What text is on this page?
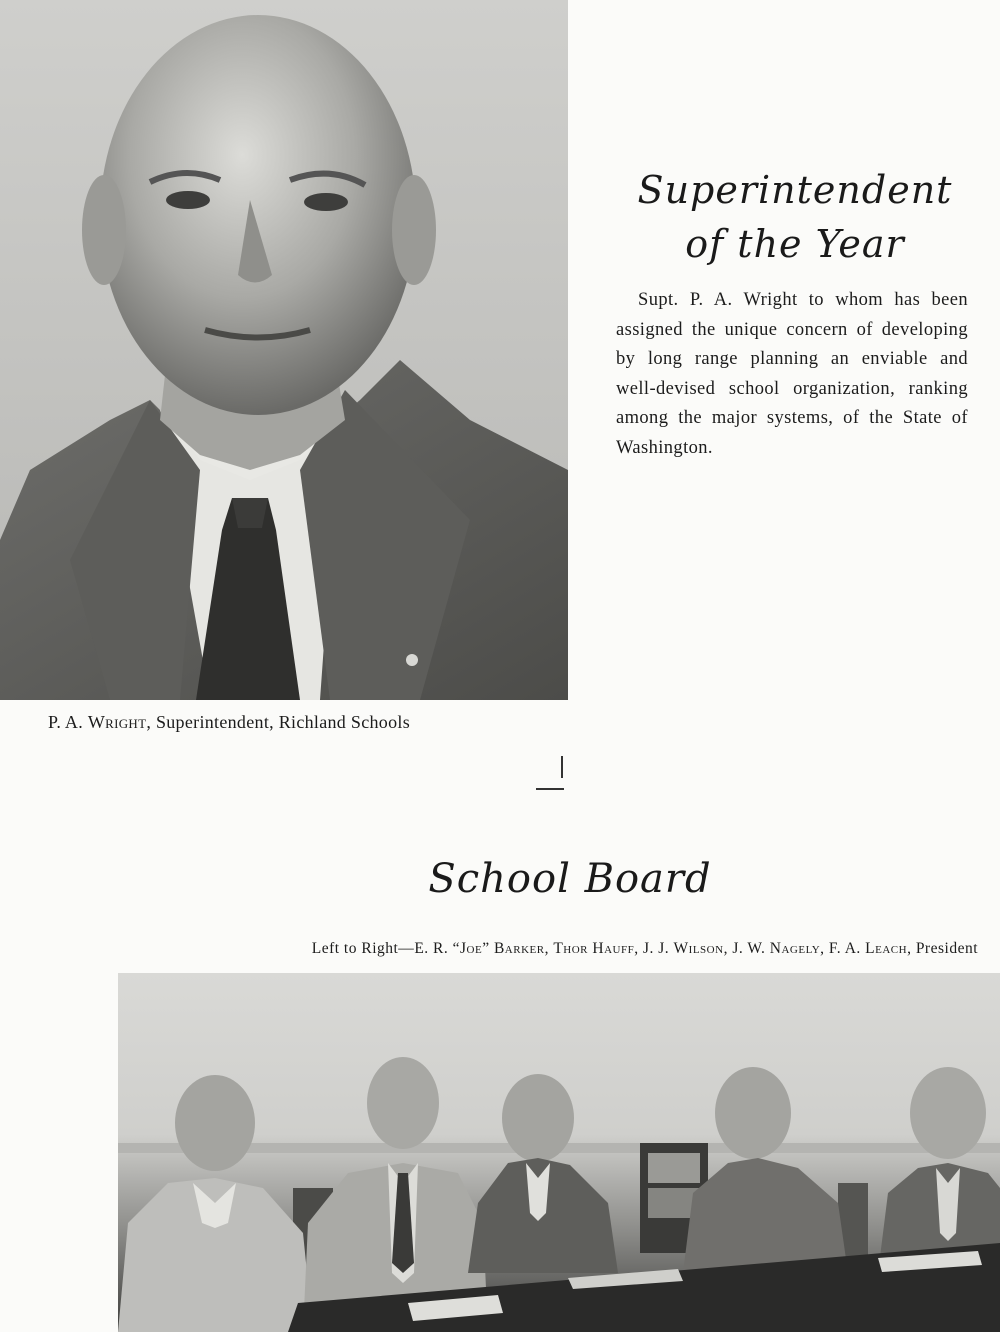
Superintendent
of the Year

Supt. P. A. Wright to whom has been assigned the unique concern of developing by long range planning an enviable and well-devised school organization, ranking among the major systems, of the State of Washington.

P. A. Wright, Superintendent, Richland Schools

School Board

Left to Right—E. R. “Joe” Barker, Thor Hauff, J. J. Wilson, J. W. Nagely, F. A. Leach, President
